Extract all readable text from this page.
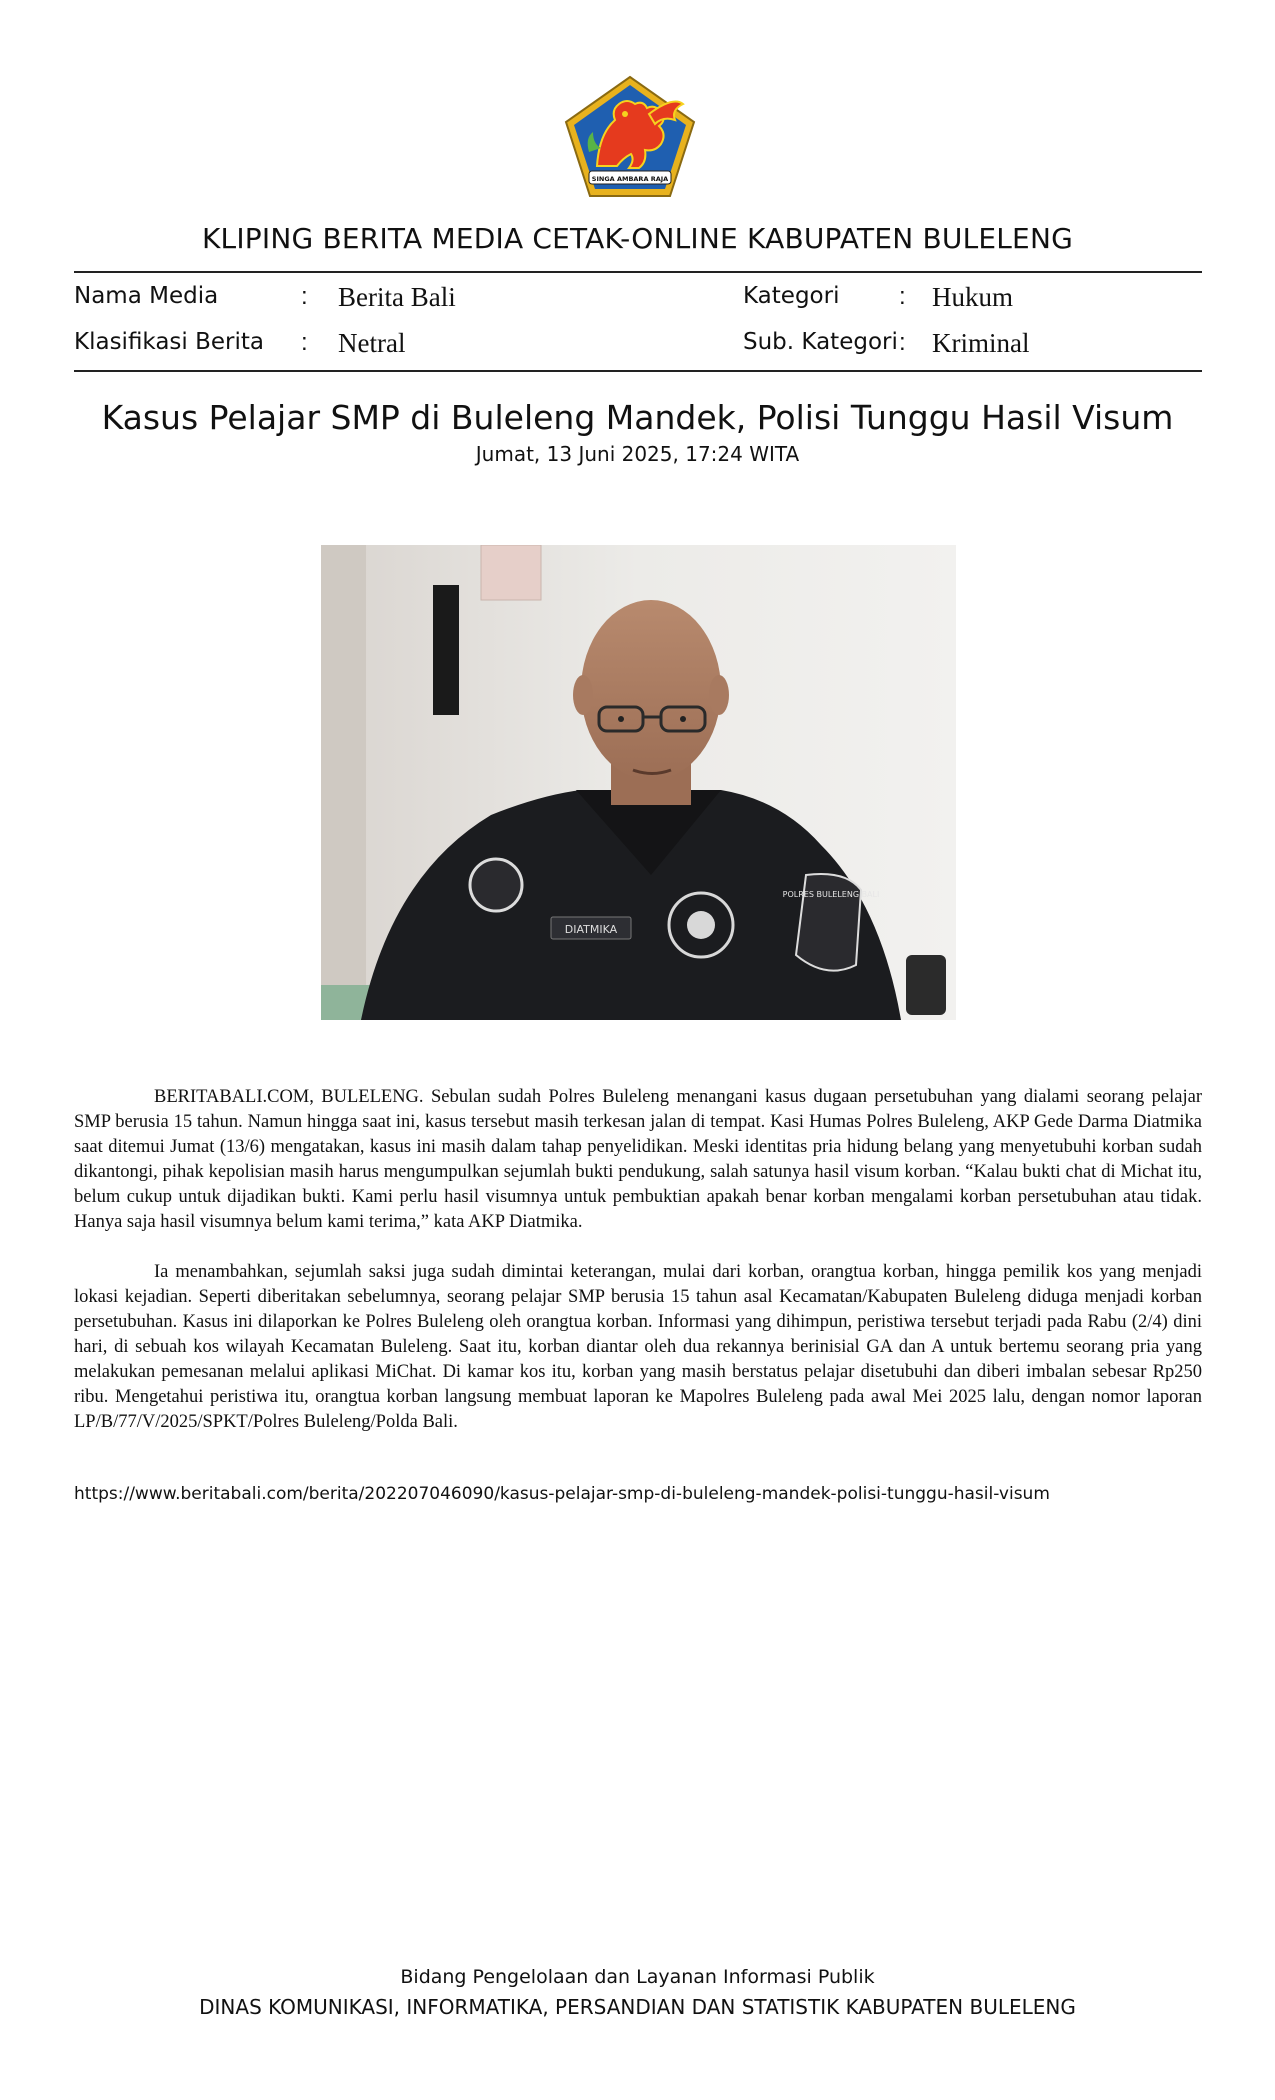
SINGA AMBARA RAJA
KLIPING BERITA MEDIA CETAK-ONLINE KABUPATEN BULELENG
Nama Media	: Berita Bali
Klasifikasi Berita : Netral
Kategori : Hukum
Sub. Kategori : Kriminal
Kasus Pelajar SMP di Buleleng Mandek, Polisi Tunggu Hasil Visum
Jumat, 13 Juni 2025, 17:24 WITA
DIATMIKA
POLRES BULELENG BALI

BERITABALI.COM, BULELENG. Sebulan sudah Polres Buleleng menangani kasus dugaan persetubuhan yang dialami seorang pelajar SMP berusia 15 tahun. Namun hingga saat ini, kasus tersebut masih terkesan jalan di tempat. Kasi Humas Polres Buleleng, AKP Gede Darma Diatmika saat ditemui Jumat (13/6) mengatakan, kasus ini masih dalam tahap penyelidikan. Meski identitas pria hidung belang yang menyetubuhi korban sudah dikantongi, pihak kepolisian masih harus mengumpulkan sejumlah bukti pendukung, salah satunya hasil visum korban. “Kalau bukti chat di Michat itu, belum cukup untuk dijadikan bukti. Kami perlu hasil visumnya untuk pembuktian apakah benar korban mengalami korban persetubuhan atau tidak. Hanya saja hasil visumnya belum kami terima,” kata AKP Diatmika.

Ia menambahkan, sejumlah saksi juga sudah dimintai keterangan, mulai dari korban, orangtua korban, hingga pemilik kos yang menjadi lokasi kejadian. Seperti diberitakan sebelumnya, seorang pelajar SMP berusia 15 tahun asal Kecamatan/Kabupaten Buleleng diduga menjadi korban persetubuhan. Kasus ini dilaporkan ke Polres Buleleng oleh orangtua korban. Informasi yang dihimpun, peristiwa tersebut terjadi pada Rabu (2/4) dini hari, di sebuah kos wilayah Kecamatan Buleleng. Saat itu, korban diantar oleh dua rekannya berinisial GA dan A untuk bertemu seorang pria yang melakukan pemesanan melalui aplikasi MiChat. Di kamar kos itu, korban yang masih berstatus pelajar disetubuhi dan diberi imbalan sebesar Rp250 ribu. Mengetahui peristiwa itu, orangtua korban langsung membuat laporan ke Mapolres Buleleng pada awal Mei 2025 lalu, dengan nomor laporan LP/B/77/V/2025/SPKT/Polres Buleleng/Polda Bali.

https://www.beritabali.com/berita/202207046090/kasus-pelajar-smp-di-buleleng-mandek-polisi-tunggu-hasil-visum
Bidang Pengelolaan dan Layanan Informasi Publik
DINAS KOMUNIKASI, INFORMATIKA, PERSANDIAN DAN STATISTIK KABUPATEN BULELENG
